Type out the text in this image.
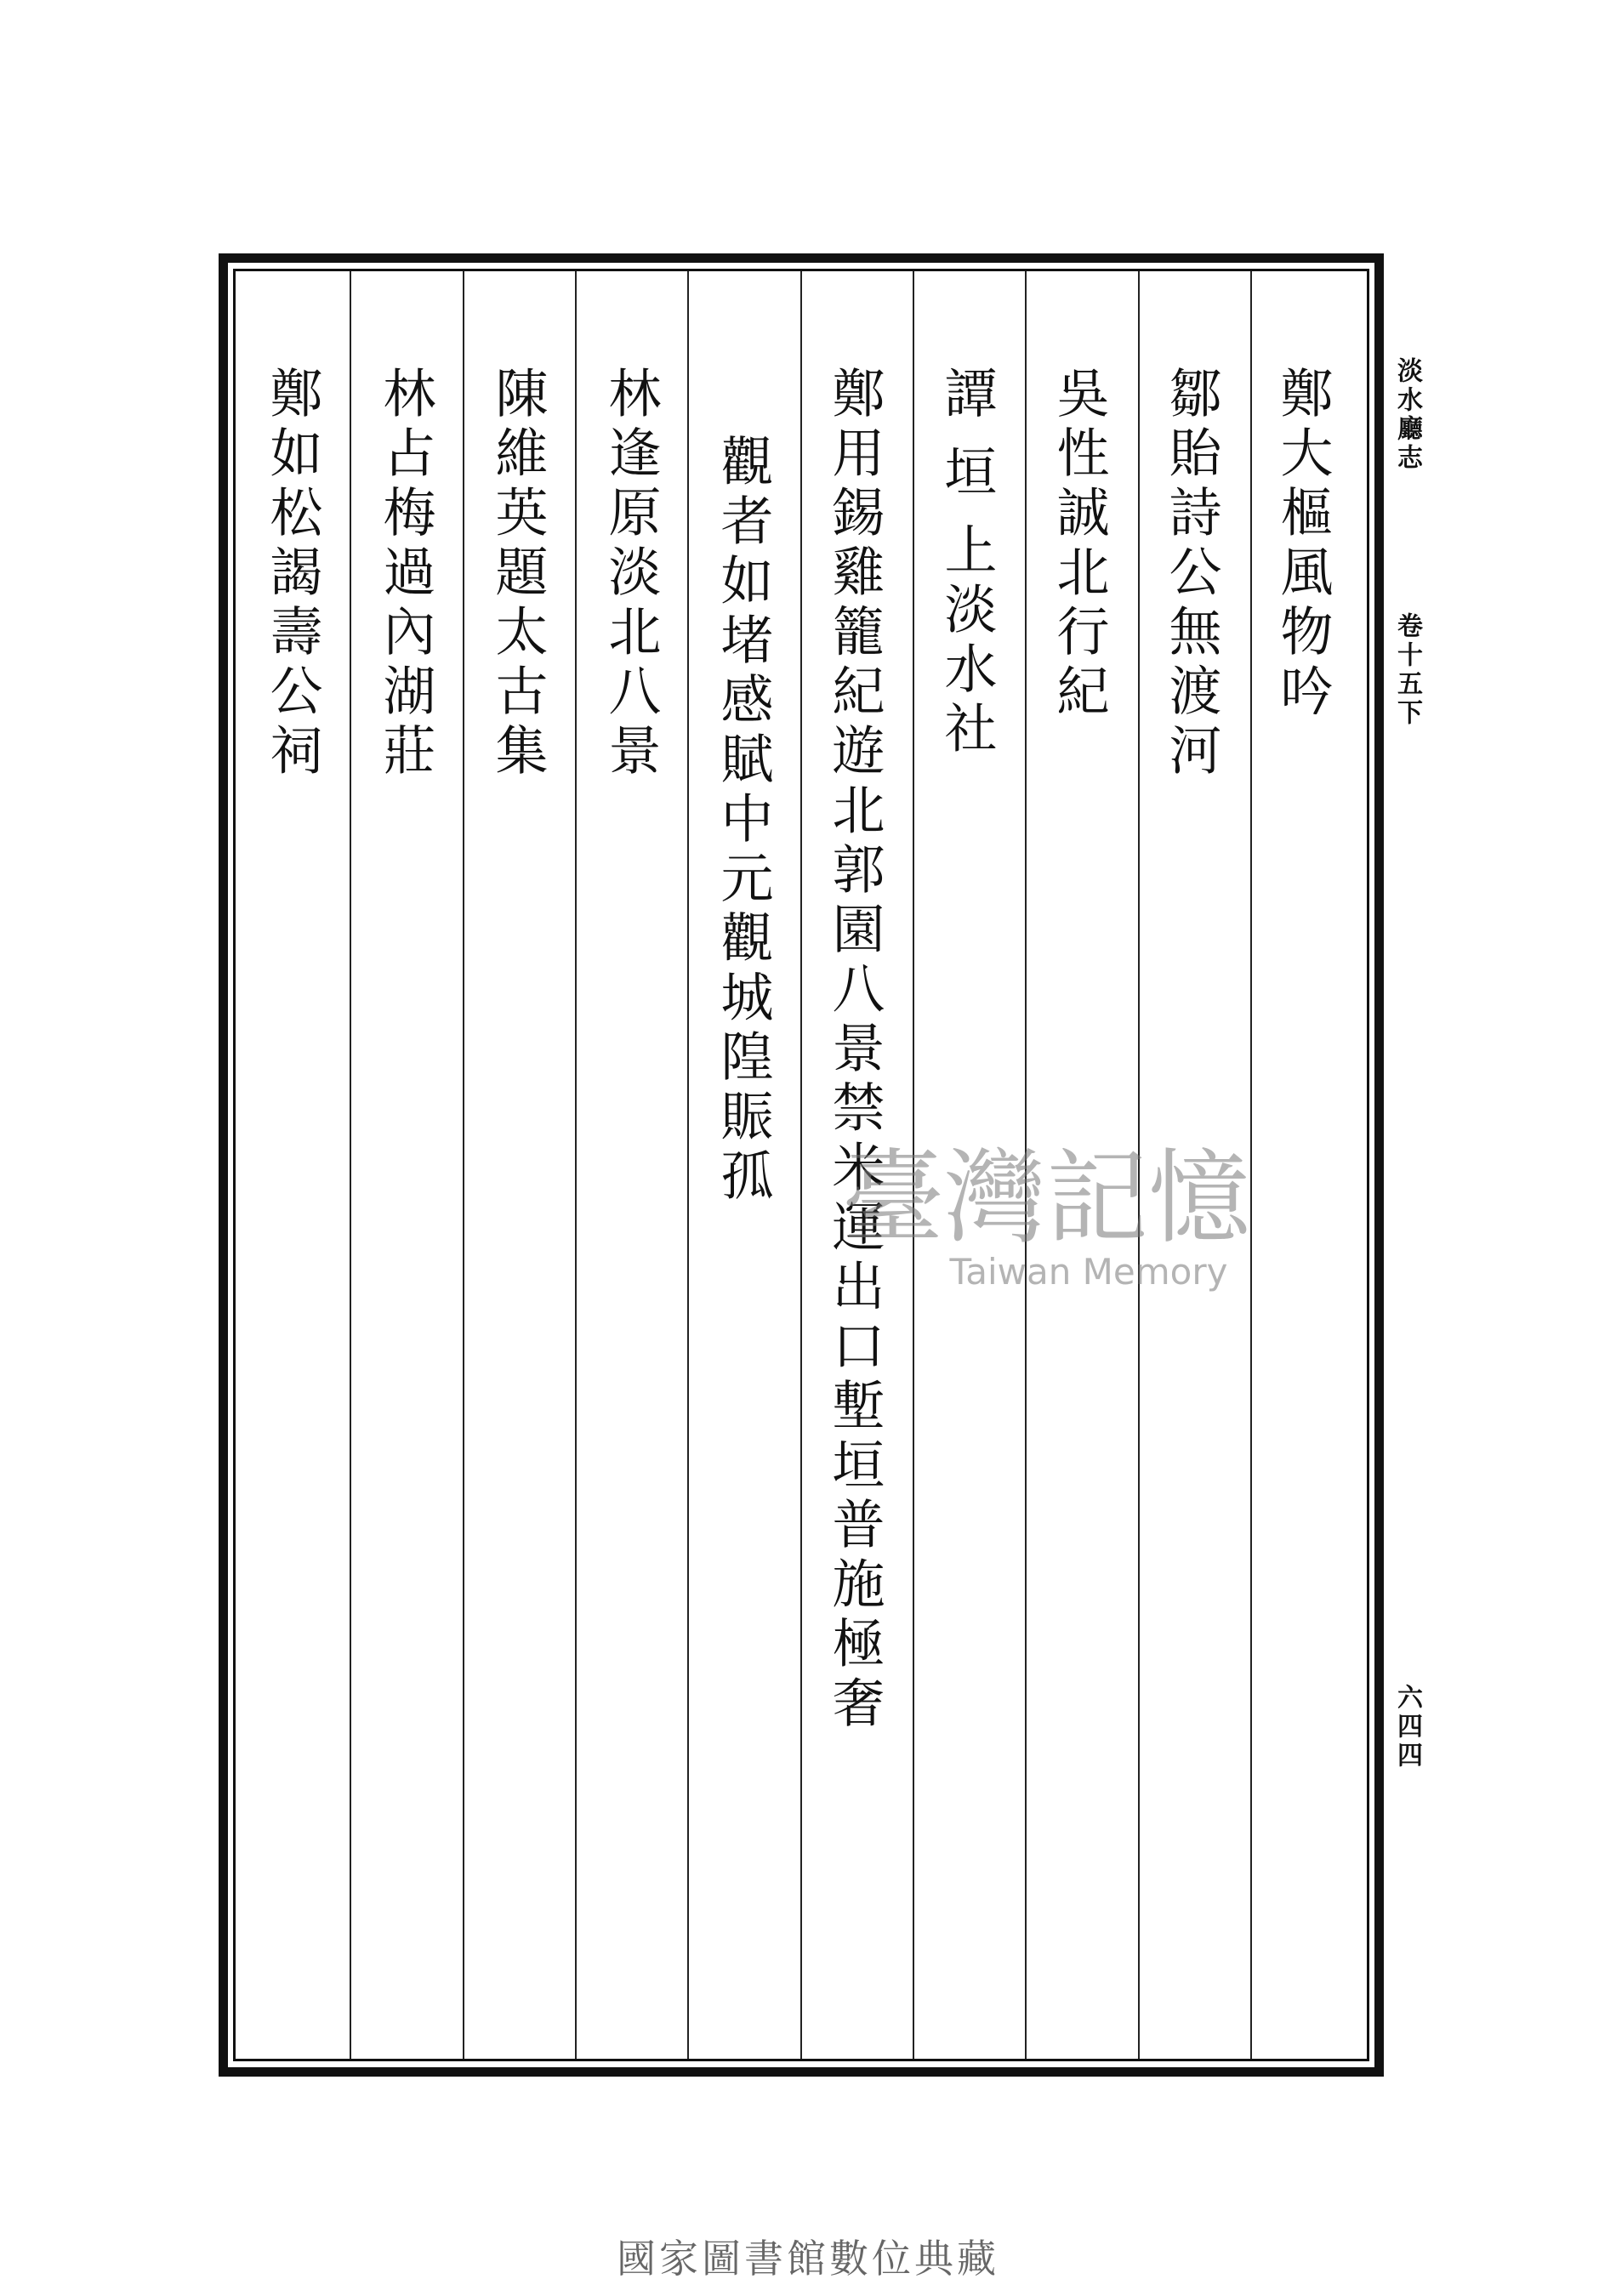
淡水廳志
卷十五下
六四四
鄭大樞風物吟
鄒貽詩公無渡河
吳性誠北行紀
譚垣上淡水社
鄭用錫雞籠紀遊北郭園八景禁米運出口塹垣普施極奢
觀者如堵感賦中元觀城隍賑孤
林逢原淡北八景
陳維英題太古集
林占梅過內湖莊
鄭如松謁壽公祠
臺灣記憶
Taiwan Memory
國家圖書館數位典藏
